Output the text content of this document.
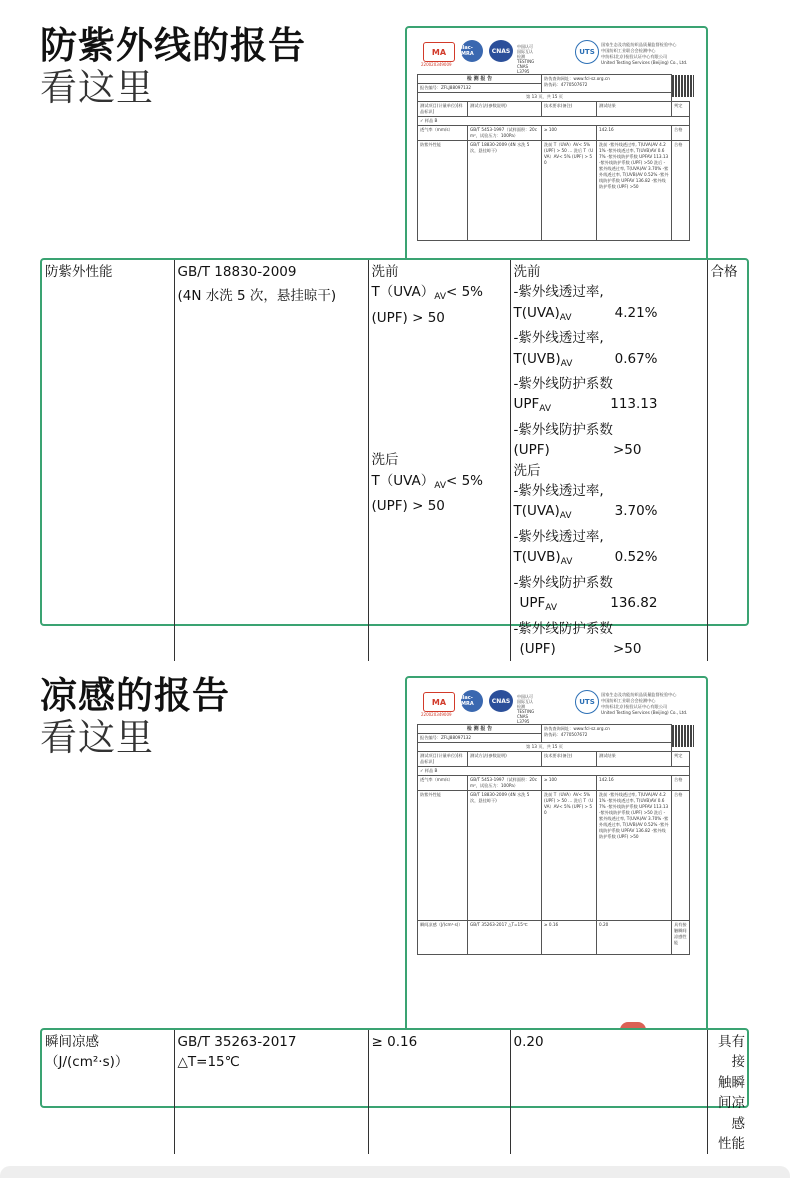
防紫外线的报告
看这里
MA
220020349009
ilac-MRA	CNAS
中国认可 国际互认 检测 TESTING CNAS L3795
UTS
国家生态及功能纺织品质量监督检验中心
中国纺织工业联合会检测中心
中纺标(北京)检验认证中心有限公司
United Testing Services (Beijing) Co., Ltd.
检 测 报 告		防伪查询网址：www.fcl-sz.org.cn
防伪码：4770507672		

报告编号：ZFLJ88097132				
第 13 页，共 15 页				
测试项目(计量单位)[样品标识]	测试方法(参数说明)	技术要求(备注)	测试结果	判定
✓ 样品 B				
透气率（mm/s）	GB/T 5453-1997（试样面积：20cm²，试验压力：100Pa）	≥ 100	142.16	合格
防紫外性能	GB/T 18830-2009 (4N 水洗 5 次，悬挂晾干)	洗前 T（UVA）AV< 5% (UPF) > 50 … 洗后 T（UVA）AV< 5% (UPF) > 50	洗前 -紫外线透过率, T(UVA)AV 4.21% -紫外线透过率, T(UVB)AV 0.67% -紫外线防护系数 UPFAV 113.13 -紫外线防护系数 (UPF) >50 洗后 -紫外线透过率, T(UVA)AV 3.70% -紫外线透过率, T(UVB)AV 0.52% -紫外线防护系数 UPFAV 136.82 -紫外线防护系数 (UPF) >50	合格
防紫外性能	GB/T 18830-2009
(4N 水洗 5 次，悬挂晾干)

洗前
$T(UVA)_{AV}< 5\%$
(UPF) > 50
洗后
$T(UVA)_{AV}< 5\%$
(UPF) > 50

洗前
-紫外线透过率,
$T(UVA)_{AV}$	4.21%
-紫外线透过率,
$T(UVB)_{AV}$	0.67%
-紫外线防护系数
$UPF_{AV}$	113.13
-紫外线防护系数
(UPF)	>50
洗后
-紫外线透过率,
$T(UVA)_{AV}$	3.70%
-紫外线透过率,
$T(UVB)_{AV}$	0.52%
-紫外线防护系数
$UPF_{AV}$	136.82
-紫外线防护系数
(UPF)	>50
	合格
凉感的报告
看这里
MA
220020349009
ilac-MRA	CNAS
中国认可 国际互认 检测 TESTING CNAS L3795
UTS
国家生态及功能纺织品质量监督检验中心
中国纺织工业联合会检测中心
中纺标(北京)检验认证中心有限公司
United Testing Services (Beijing) Co., Ltd.
检 测 报 告		防伪查询网址：www.fcl-sz.org.cn
防伪码：4770507672		

报告编号：ZFLJ88097132				
第 13 页，共 15 页				
测试项目(计量单位)[样品标识]	测试方法(参数说明)	技术要求(备注)	测试结果	判定
✓ 样品 B				
透气率（mm/s）	GB/T 5453-1997（试样面积：20cm²，试验压力：100Pa）	≥ 100	142.16	合格
防紫外性能	GB/T 18830-2009 (4N 水洗 5 次，悬挂晾干)	洗前 T（UVA）AV< 5% (UPF) > 50 … 洗后 T（UVA）AV< 5% (UPF) > 50	洗前 -紫外线透过率, T(UVA)AV 4.21% -紫外线透过率, T(UVB)AV 0.67% -紫外线防护系数 UPFAV 113.13 -紫外线防护系数 (UPF) >50 洗后 -紫外线透过率, T(UVA)AV 3.70% -紫外线透过率, T(UVB)AV 0.52% -紫外线防护系数 UPFAV 136.82 -紫外线防护系数 (UPF) >50	合格
瞬间凉感（J/(cm²·s)）	GB/T 35263-2017 △T=15℃	≥ 0.16	0.20	具有接触瞬间凉感性能
瞬间凉感（J/(cm²·s)）	
GB/T 35263-2017
△T=15℃
	≥ 0.16	0.20	具有接
触瞬
间凉感
性能
